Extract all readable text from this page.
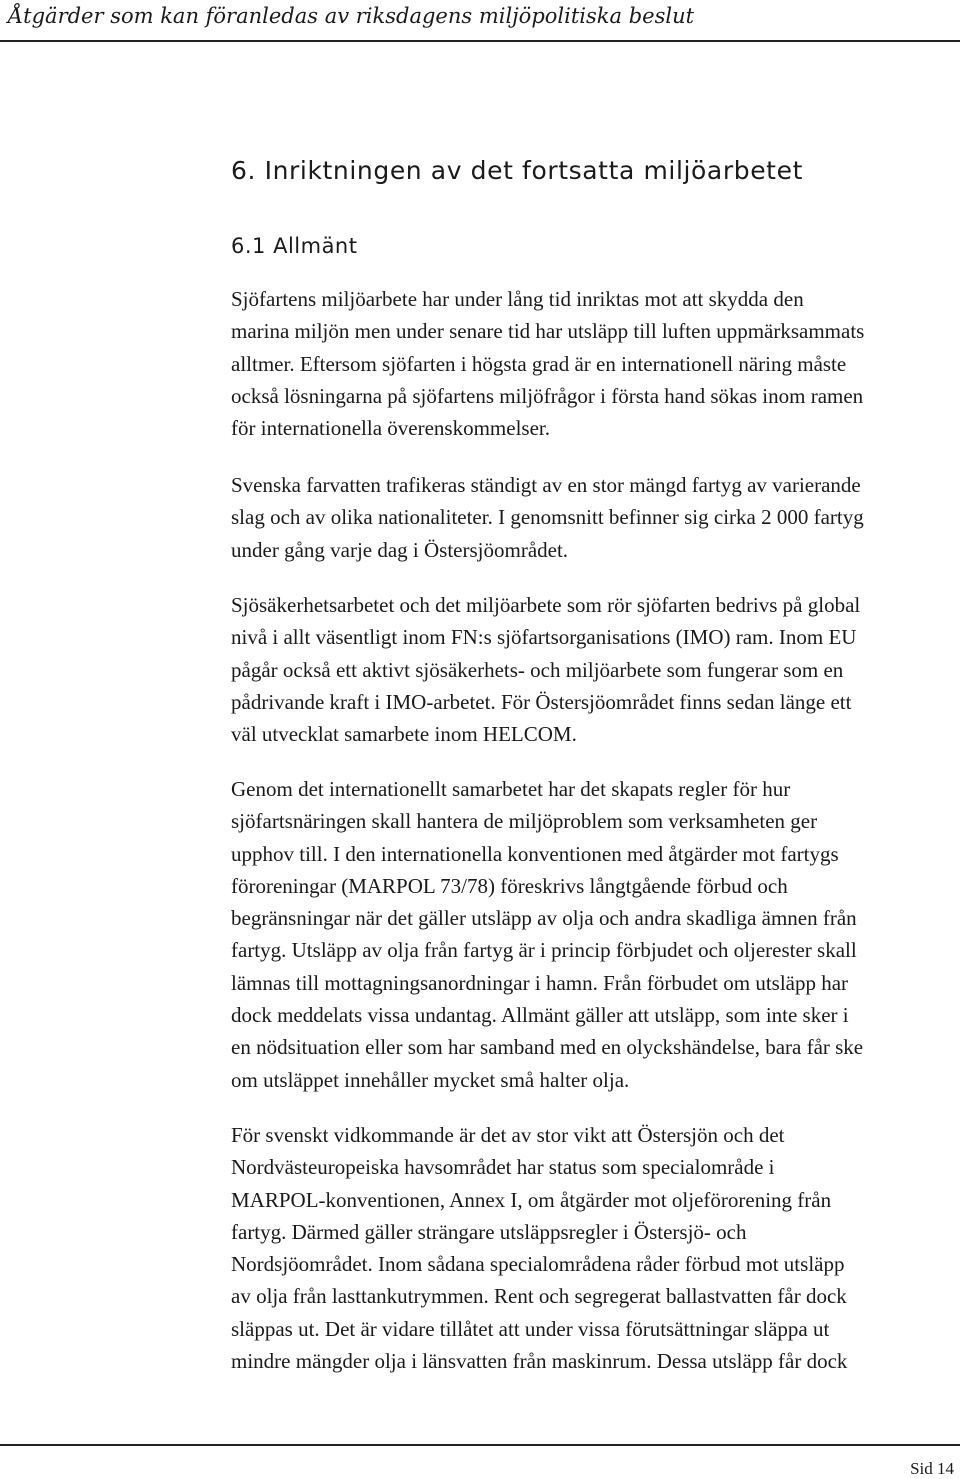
Åtgärder som kan föranledas av riksdagens miljöpolitiska beslut
6. Inriktningen av det fortsatta miljöarbetet
6.1 Allmänt

Sjöfartens miljöarbete har under lång tid inriktas mot att skydda den
marina miljön men under senare tid har utsläpp till luften uppmärksammats
alltmer. Eftersom sjöfarten i högsta grad är en internationell näring måste
också lösningarna på sjöfartens miljöfrågor i första hand sökas inom ramen
för internationella överenskommelser.

Svenska farvatten trafikeras ständigt av en stor mängd fartyg av varierande
slag och av olika nationaliteter. I genomsnitt befinner sig cirka 2 000 fartyg
under gång varje dag i Östersjöområdet.

Sjösäkerhetsarbetet och det miljöarbete som rör sjöfarten bedrivs på global
nivå i allt väsentligt inom FN:s sjöfartsorganisations (IMO) ram. Inom EU
pågår också ett aktivt sjösäkerhets- och miljöarbete som fungerar som en
pådrivande kraft i IMO-arbetet. För Östersjöområdet finns sedan länge ett
väl utvecklat samarbete inom HELCOM.

Genom det internationellt samarbetet har det skapats regler för hur
sjöfartsnäringen skall hantera de miljöproblem som verksamheten ger
upphov till. I den internationella konventionen med åtgärder mot fartygs
föroreningar (MARPOL 73/78) föreskrivs långtgående förbud och
begränsningar när det gäller utsläpp av olja och andra skadliga ämnen från
fartyg. Utsläpp av olja från fartyg är i princip förbjudet och oljerester skall
lämnas till mottagningsanordningar i hamn. Från förbudet om utsläpp har
dock meddelats vissa undantag. Allmänt gäller att utsläpp, som inte sker i
en nödsituation eller som har samband med en olyckshändelse, bara får ske
om utsläppet innehåller mycket små halter olja.

För svenskt vidkommande är det av stor vikt att Östersjön och det
Nordvästeuropeiska havsområdet har status som specialområde i
MARPOL-konventionen, Annex I, om åtgärder mot oljeförorening från
fartyg. Därmed gäller strängare utsläppsregler i Östersjö- och
Nordsjöområdet. Inom sådana specialområdena råder förbud mot utsläpp
av olja från lasttankutrymmen. Rent och segregerat ballastvatten får dock
släppas ut. Det är vidare tillåtet att under vissa förutsättningar släppa ut
mindre mängder olja i länsvatten från maskinrum. Dessa utsläpp får dock

Sid 14
